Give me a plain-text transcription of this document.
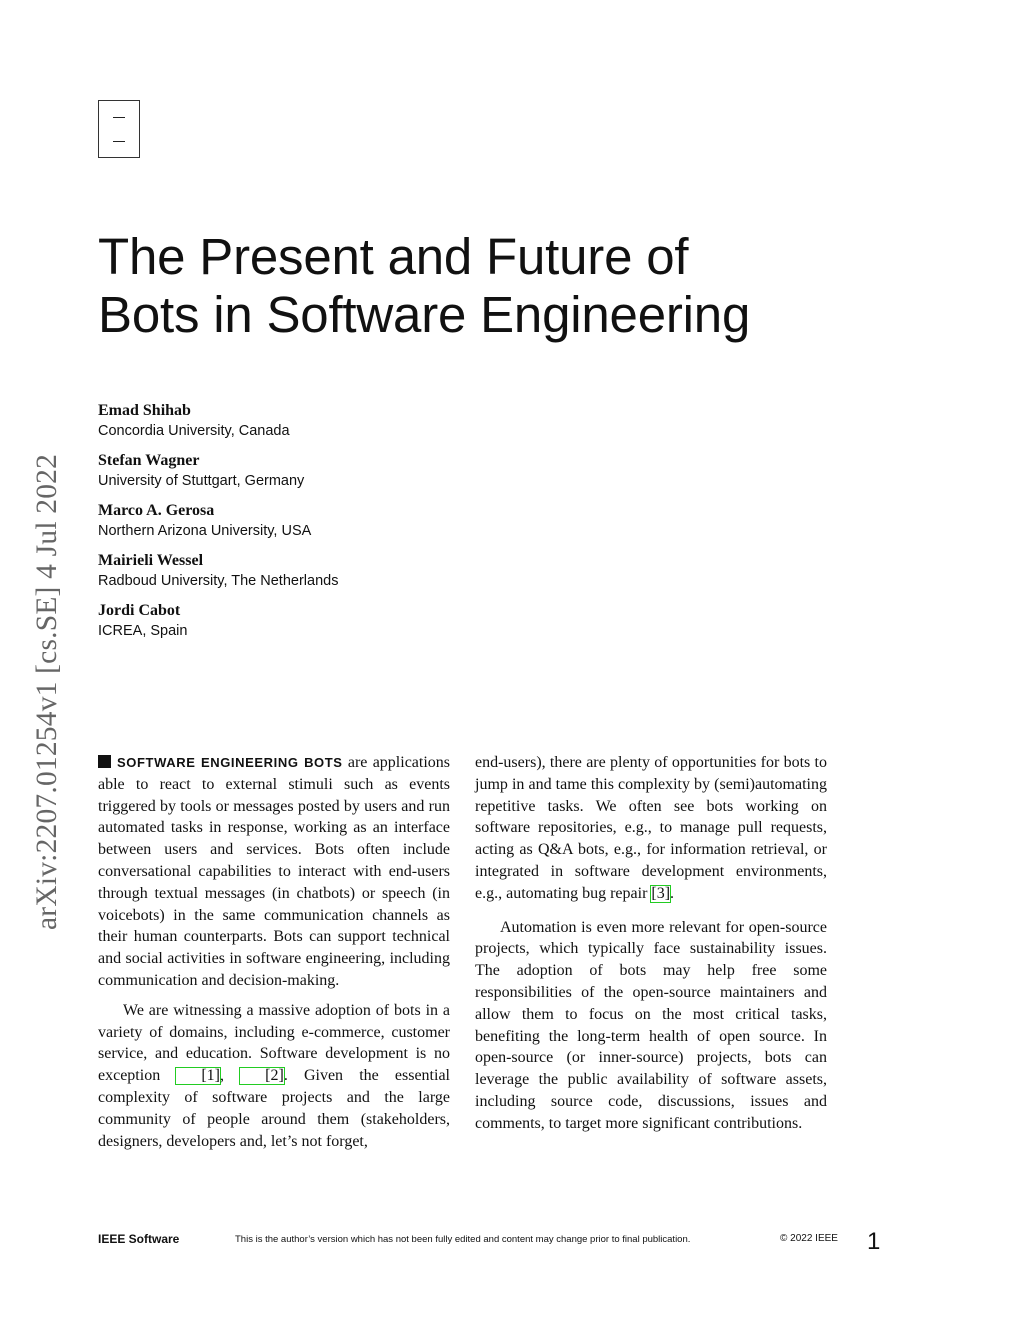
arXiv:2207.01254v1 [cs.SE] 4 Jul 2022
The Present and Future of
Bots in Software Engineering
Emad Shihab
Concordia University, Canada
Stefan Wagner
University of Stuttgart, Germany
Marco A. Gerosa
Northern Arizona University, USA
Mairieli Wessel
Radboud University, The Netherlands
Jordi Cabot
ICREA, Spain

SOFTWARE ENGINEERING BOTS are applications able to react to external stimuli such as events triggered by tools or messages posted by users and run automated tasks in response, working as an interface between users and services. Bots often include conversational capabilities to interact with end-users through textual messages (in chatbots) or speech (in voicebots) in the same communication channels as their human counterparts. Bots can support technical and social activities in software engineering, including communication and decision-making.

We are witnessing a massive adoption of bots in a variety of domains, including e-commerce, customer service, and education. Software development is no exception [1], [2]. Given the essential complexity of software projects and the large community of people around them (stakeholders, designers, developers and, let’s not forget,

end-users), there are plenty of opportunities for bots to jump in and tame this complexity by (semi)automating repetitive tasks. We often see bots working on software repositories, e.g., to manage pull requests, acting as Q&A bots, e.g., for information retrieval, or integrated in software development environments, e.g., automating bug repair [3].

Automation is even more relevant for open-source projects, which typically face sustainability issues. The adoption of bots may help free some responsibilities of the open-source maintainers and allow them to focus on the most critical tasks, benefiting the long-term health of open source. In open-source (or inner-source) projects, bots can leverage the public availability of software assets, including source code, discussions, issues and comments, to target more significant contributions.

IEEE Software	This is the author’s version which has not been fully edited and content may change prior to final publication.	© 2022 IEEE 1
